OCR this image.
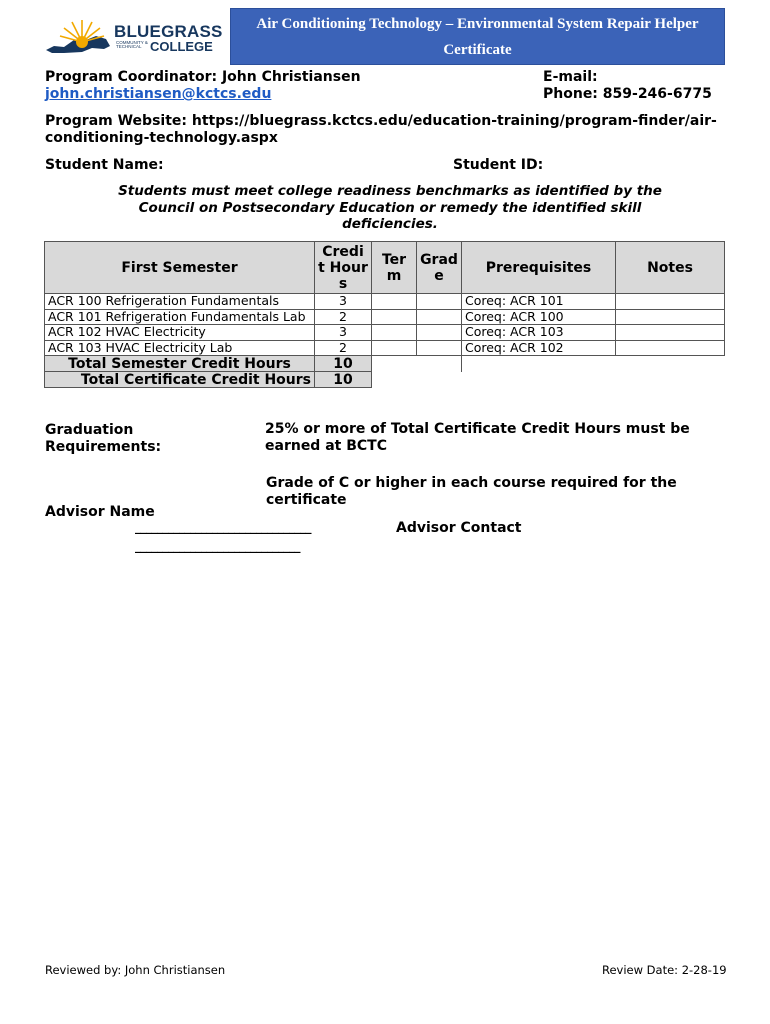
BLUEGRASS
COMMUNITY & TECHNICAL COLLEGE
Air Conditioning Technology – Environmental System Repair Helper
Certificate
Program Coordinator: John Christiansen
john.christiansen@kctcs.edu
E-mail:
Phone: 859-246-6775
Program Website: https://bluegrass.kctcs.edu/education-training/program-finder/air-
conditioning-technology.aspx
Student Name:	Student ID:
Students must meet college readiness benchmarks as identified by the
Council on Postsecondary Education or remedy the identified skill
deficiencies.
First Semester	Credi t Hours	Ter m	Grad e	Prerequisites	Notes
ACR 100 Refrigeration Fundamentals	3			Coreq: ACR 101	
ACR 101 Refrigeration Fundamentals Lab	2			Coreq: ACR 100	
ACR 102 HVAC Electricity	3			Coreq: ACR 103	
ACR 103 HVAC Electricity Lab	2			Coreq: ACR 102	
Total Semester Credit Hours	10				
Total Certificate Credit Hours	10				
Graduation
Requirements:
25% or more of Total Certificate Credit Hours must be
earned at BCTC
Grade of C or higher in each course required for the
certificate
Advisor Name
________________________________	Advisor Contact
______________________________
Reviewed by: John Christiansen	Review Date: 2-28-19
